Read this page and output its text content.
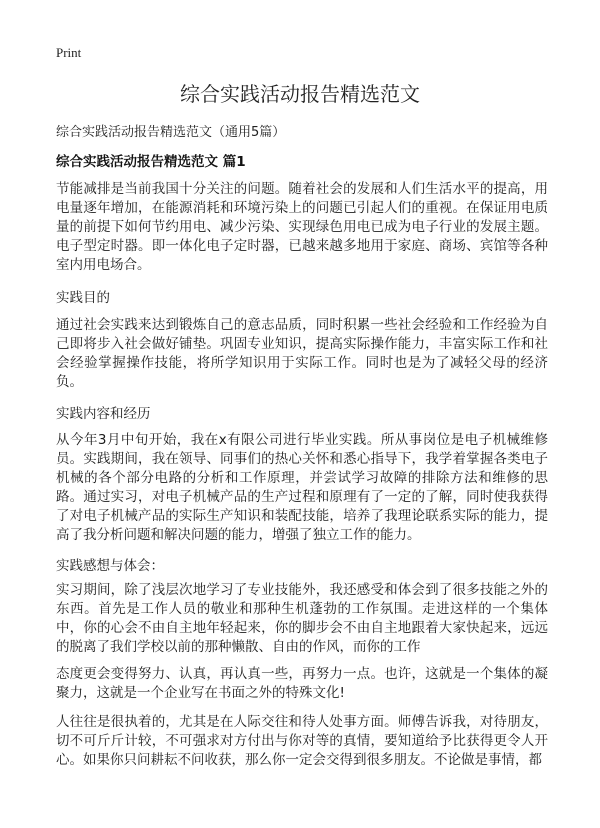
Print
综合实践活动报告精选范文
综合实践活动报告精选范文（通用5篇）
综合实践活动报告精选范文 篇1
节能减排是当前我国十分关注的问题。随着社会的发展和人们生活水平的提高，用电量逐年增加，在能源消耗和环境污染上的问题已引起人们的重视。在保证用电质量的前提下如何节约用电、减少污染、实现绿色用电已成为电子行业的发展主题。电子型定时器。即一体化电子定时器，已越来越多地用于家庭、商场、宾馆等各种室内用电场合。
实践目的
通过社会实践来达到锻炼自己的意志品质，同时积累一些社会经验和工作经验为自己即将步入社会做好铺垫。巩固专业知识，提高实际操作能力，丰富实际工作和社会经验掌握操作技能，将所学知识用于实际工作。同时也是为了减轻父母的经济负。
实践内容和经历
从今年3月中旬开始，我在x有限公司进行毕业实践。所从事岗位是电子机械维修员。实践期间，我在领导、同事们的热心关怀和悉心指导下，我学着掌握各类电子机械的各个部分电路的分析和工作原理，并尝试学习故障的排除方法和维修的思路。通过实习，对电子机械产品的生产过程和原理有了一定的了解，同时使我获得了对电子机械产品的实际生产知识和装配技能，培养了我理论联系实际的能力，提高了我分析问题和解决问题的能力，增强了独立工作的能力。
实践感想与体会：
实习期间，除了浅层次地学习了专业技能外，我还感受和体会到了很多技能之外的东西。首先是工作人员的敬业和那种生机蓬勃的工作氛围。走进这样的一个集体中，你的心会不由自主地年轻起来，你的脚步会不由自主地跟着大家快起来，远远的脱离了我们学校以前的那种懒散、自由的作风，而你的工作
态度更会变得努力、认真，再认真一些，再努力一点。也许，这就是一个集体的凝聚力，这就是一个企业写在书面之外的特殊文化!
人往往是很执着的，尤其是在人际交往和待人处事方面。师傅告诉我，对待朋友，切不可斤斤计较，不可强求对方付出与你对等的真情，要知道给予比获得更令人开心。如果你只问耕耘不问收获，那么你一定会交得到很多朋友。不论做是事情，都
